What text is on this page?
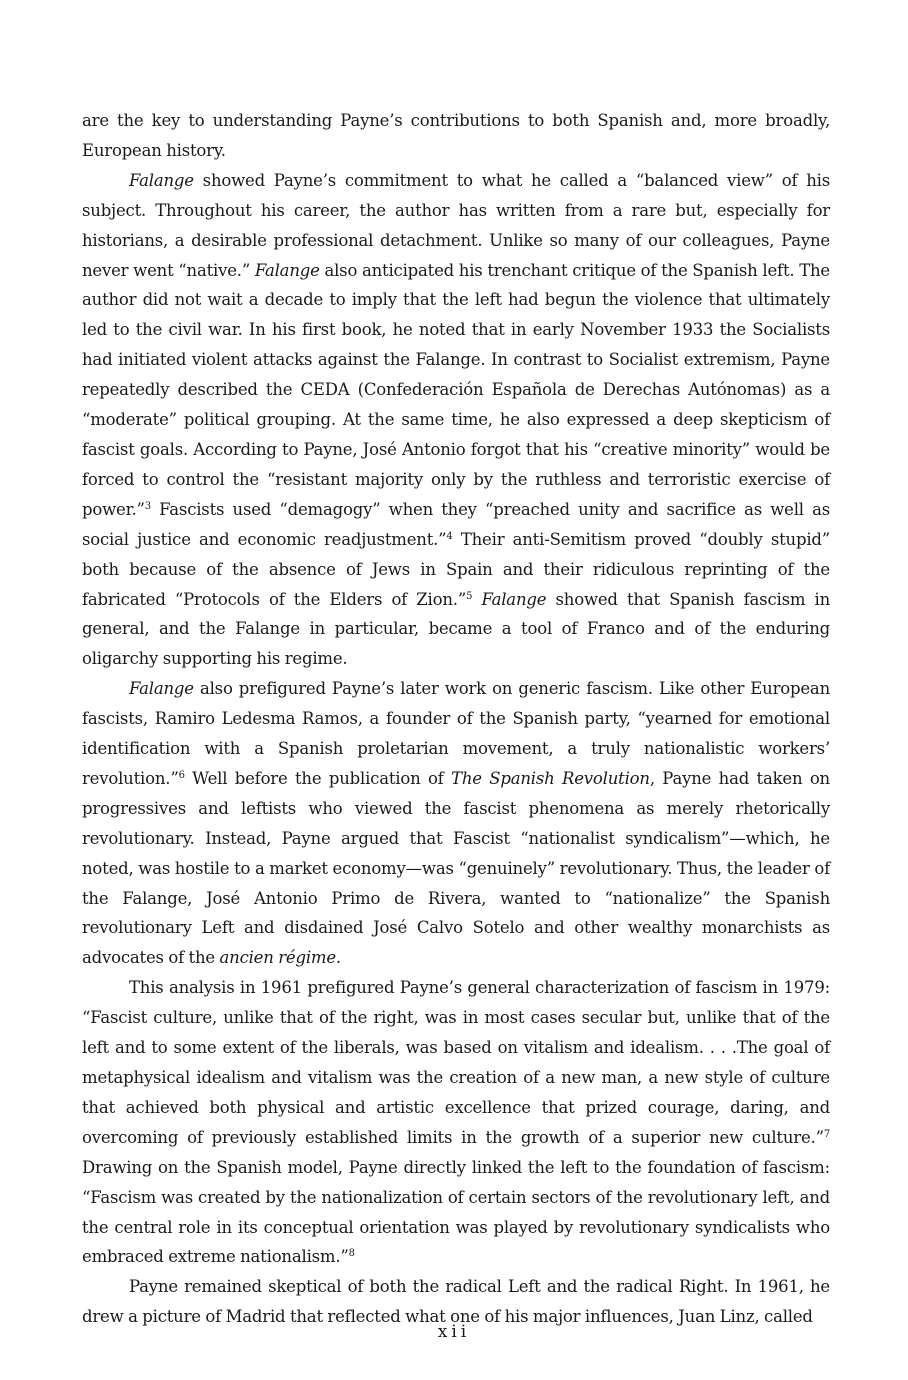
are the key to understanding Payne’s contributions to both Spanish and, more broadly, European history.

Falange showed Payne’s commitment to what he called a “balanced view” of his subject. Throughout his career, the author has written from a rare but, especially for historians, a desirable professional detachment. Unlike so many of our colleagues, Payne never went “native.” Falange also anticipated his trenchant critique of the Spanish left. The author did not wait a decade to imply that the left had begun the violence that ultimately led to the civil war. In his first book, he noted that in early November 1933 the Socialists had initiated violent attacks against the Falange. In contrast to Socialist extremism, Payne repeatedly described the CEDA (Confederación Española de Derechas Autónomas) as a “moderate” political grouping. At the same time, he also expressed a deep skepticism of fascist goals. According to Payne, José Antonio forgot that his “creative minority” would be forced to control the “resistant majority only by the ruthless and terroristic exercise of power.”$^3$ Fascists used “demagogy” when they “preached unity and sacrifice as well as social justice and economic readjustment.”$^4$ Their anti-Semitism proved “doubly stupid” both because of the absence of Jews in Spain and their ridiculous reprinting of the fabricated “Protocols of the Elders of Zion.”$^5$ Falange showed that Spanish fascism in general, and the Falange in particular, became a tool of Franco and of the enduring oligarchy supporting his regime.

Falange also prefigured Payne’s later work on generic fascism. Like other European fascists, Ramiro Ledesma Ramos, a founder of the Spanish party, “yearned for emotional identification with a Spanish proletarian movement, a truly nationalistic workers’ revolution.”$^6$ Well before the publication of The Spanish Revolution, Payne had taken on progressives and leftists who viewed the fascist phenomena as merely rhetorically revolutionary. Instead, Payne argued that Fascist “nationalist syndicalism”—which, he noted, was hostile to a market economy—was “genuinely” revolutionary. Thus, the leader of the Falange, José Antonio Primo de Rivera, wanted to “nationalize” the Spanish revolutionary Left and disdained José Calvo Sotelo and other wealthy monarchists as advocates of the ancien régime.

This analysis in 1961 prefigured Payne’s general characterization of fascism in 1979: “Fascist culture, unlike that of the right, was in most cases secular but, unlike that of the left and to some extent of the liberals, was based on vitalism and idealism. . . .The goal of metaphysical idealism and vitalism was the creation of a new man, a new style of culture that achieved both physical and artistic excellence that prized courage, daring, and overcoming of previously established limits in the growth of a superior new culture.”$^7$ Drawing on the Spanish model, Payne directly linked the left to the foundation of fascism: “Fascism was created by the nationalization of certain sectors of the revolutionary left, and the central role in its conceptual orientation was played by revolutionary syndicalists who embraced extreme nationalism.”$^8$

Payne remained skeptical of both the radical Left and the radical Right. In 1961, he drew a picture of Madrid that reflected what one of his major influences, Juan Linz, called

xii
